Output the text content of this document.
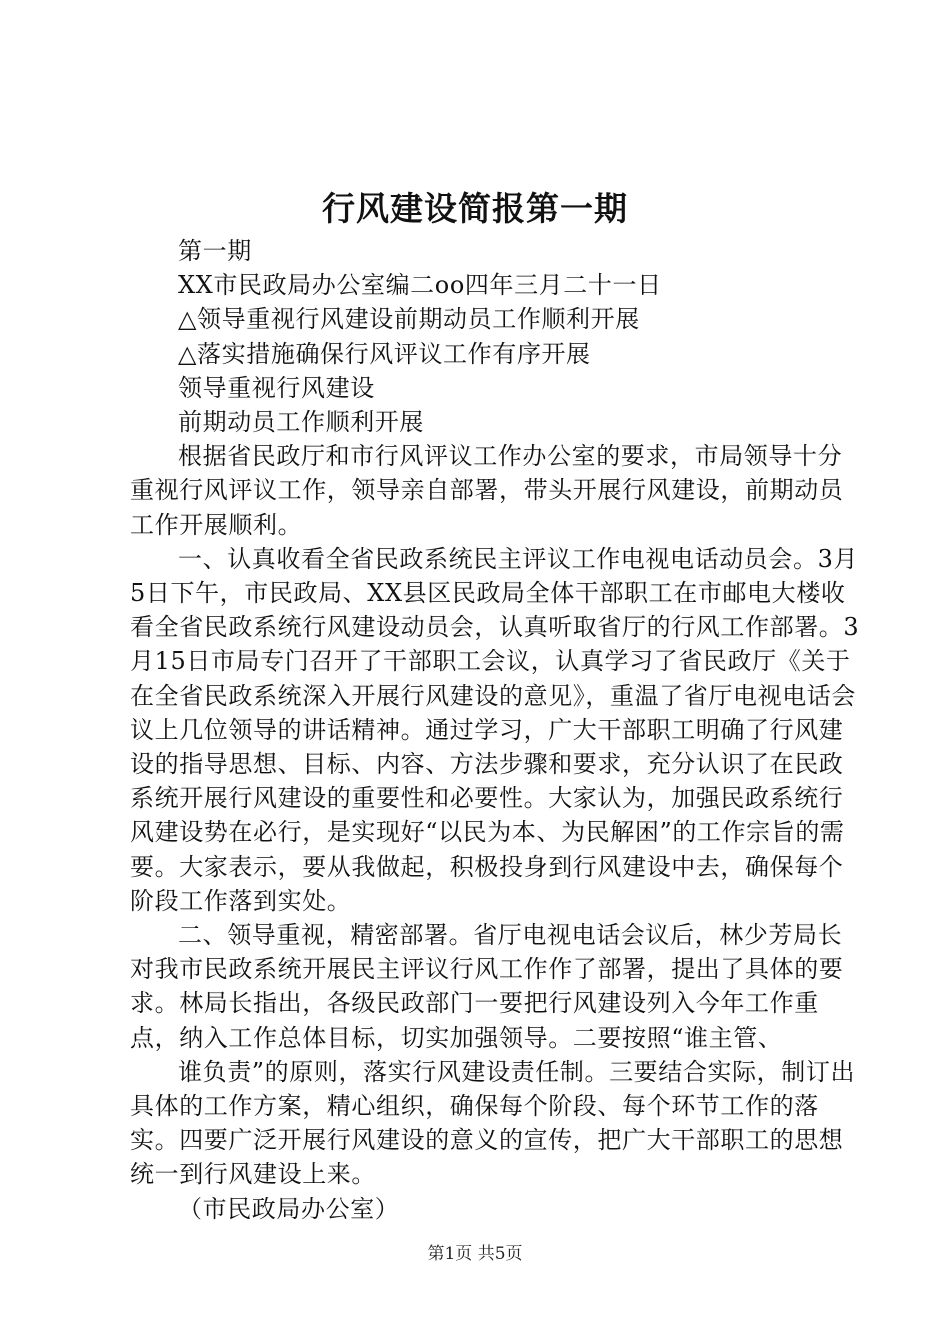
行风建设简报第一期

第一期

XX市民政局办公室编二oo四年三月二十一日

△领导重视行风建设前期动员工作顺利开展

△落实措施确保行风评议工作有序开展

领导重视行风建设

前期动员工作顺利开展

根据省民政厅和市行风评议工作办公室的要求，市局领导十分重视行风评议工作，领导亲自部署，带头开展行风建设，前期动员工作开展顺利。

一、认真收看全省民政系统民主评议工作电视电话动员会。3月5日下午，市民政局、XX县区民政局全体干部职工在市邮电大楼收看全省民政系统行风建设动员会，认真听取省厅的行风工作部署。3月15日市局专门召开了干部职工会议，认真学习了省民政厅《关于在全省民政系统深入开展行风建设的意见》，重温了省厅电视电话会议上几位领导的讲话精神。通过学习，广大干部职工明确了行风建设的指导思想、目标、内容、方法步骤和要求，充分认识了在民政系统开展行风建设的重要性和必要性。大家认为，加强民政系统行风建设势在必行，是实现好“以民为本、为民解困”的工作宗旨的需要。大家表示，要从我做起，积极投身到行风建设中去，确保每个阶段工作落到实处。

二、领导重视，精密部署。省厅电视电话会议后，林少芳局长对我市民政系统开展民主评议行风工作作了部署，提出了具体的要求。林局长指出，各级民政部门一要把行风建设列入今年工作重点，纳入工作总体目标，切实加强领导。二要按照“谁主管、

谁负责”的原则，落实行风建设责任制。三要结合实际，制订出具体的工作方案，精心组织，确保每个阶段、每个环节工作的落实。四要广泛开展行风建设的意义的宣传，把广大干部职工的思想统一到行风建设上来。

（市民政局办公室）

第1页 共5页
